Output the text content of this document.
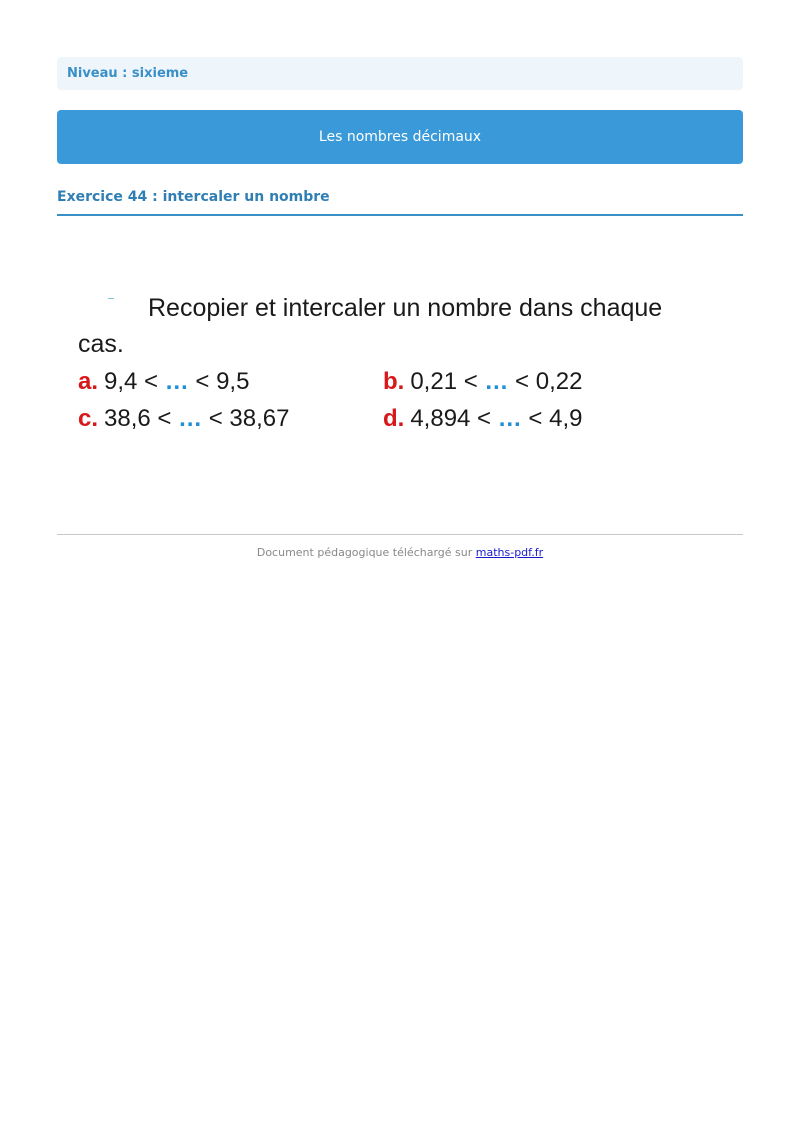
Niveau : sixieme
Les nombres décimaux
Exercice 44 : intercaler un nombre
Recopier et intercaler un nombre dans chaque cas.
a. 9,4 < … < 9,5	b. 0,21 < … < 0,22
c. 38,6 < … < 38,67	d. 4,894 < … < 4,9
Document pédagogique téléchargé sur maths-pdf.fr
